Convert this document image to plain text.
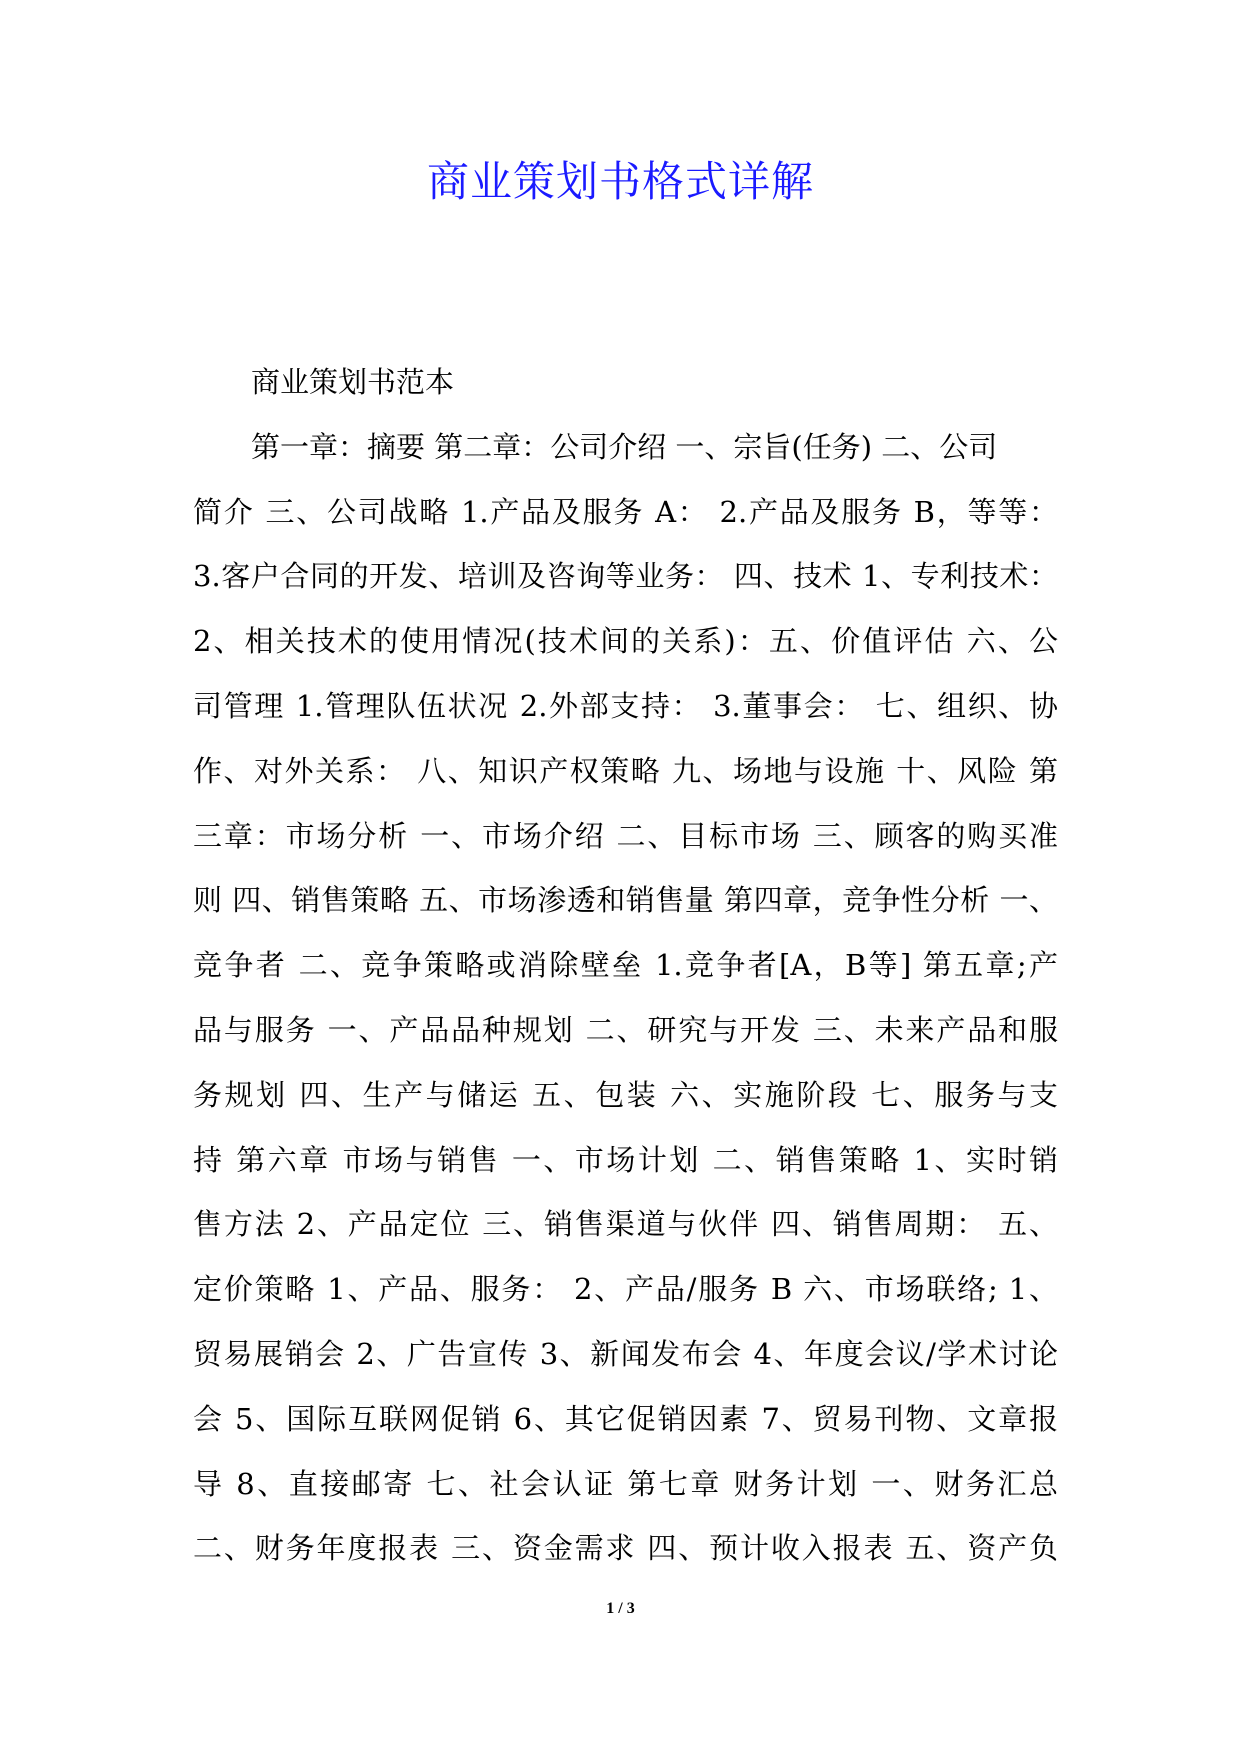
商业策划书格式详解
商业策划书范本
第一章：摘要 第二章：公司介绍 一、宗旨(任务) 二、公司
简介 三、公司战略 1.产品及服务 A： 2.产品及服务 B，等等：
3.客户合同的开发、培训及咨询等业务： 四、技术 1、专利技术：
2、相关技术的使用情况(技术间的关系)：五、价值评估 六、公
司管理 1.管理队伍状况 2.外部支持： 3.董事会： 七、组织、协
作、对外关系： 八、知识产权策略 九、场地与设施 十、风险 第
三章：市场分析 一、市场介绍 二、目标市场 三、顾客的购买准
则 四、销售策略 五、市场渗透和销售量 第四章，竞争性分析 一、
竞争者 二、竞争策略或消除壁垒 1.竞争者[A，B等] 第五章;产
品与服务 一、产品品种规划 二、研究与开发 三、未来产品和服
务规划 四、生产与储运 五、包装 六、实施阶段 七、服务与支
持 第六章 市场与销售 一、市场计划 二、销售策略 1、实时销
售方法 2、产品定位 三、销售渠道与伙伴 四、销售周期： 五、
定价策略 1、产品、服务： 2、产品/服务 B 六、市场联络; 1、
贸易展销会 2、广告宣传 3、新闻发布会 4、年度会议/学术讨论
会 5、国际互联网促销 6、其它促销因素 7、贸易刊物、文章报
导 8、直接邮寄 七、社会认证 第七章 财务计划 一、财务汇总
二、财务年度报表 三、资金需求 四、预计收入报表 五、资产负
1 / 3
